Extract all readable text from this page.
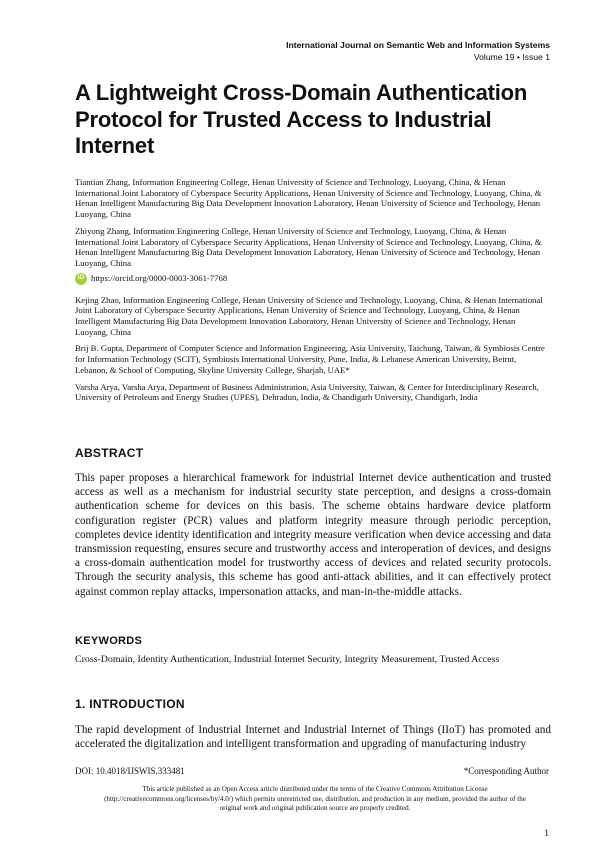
International Journal on Semantic Web and Information Systems
Volume 19 • Issue 1
A Lightweight Cross-Domain Authentication Protocol for Trusted Access to Industrial Internet

Tiantian Zhang, Information Engineering College, Henan University of Science and Technology, Luoyang, China, & Henan International Joint Laboratory of Cyberspace Security Applications, Henan University of Science and Technology, Luoyang, China, & Henan Intelligent Manufacturing Big Data Development Innovation Laboratory, Henan University of Science and Technology, Henan Luoyang, China

Zhiyong Zhang, Information Engineering College, Henan University of Science and Technology, Luoyang, China, & Henan International Joint Laboratory of Cyberspace Security Applications, Henan University of Science and Technology, Luoyang, China, & Henan Intelligent Manufacturing Big Data Development Innovation Laboratory, Henan University of Science and Technology, Henan Luoyang, China

iD https://orcid.org/0000-0003-3061-7768

Kejing Zhao, Information Engineering College, Henan University of Science and Technology, Luoyang, China, & Henan International Joint Laboratory of Cyberspace Security Applications, Henan University of Science and Technology, Luoyang, China, & Henan Intelligent Manufacturing Big Data Development Innovation Laboratory, Henan University of Science and Technology, Henan Luoyang, China

Brij B. Gupta, Department of Computer Science and Information Engineering, Asia University, Taichung, Taiwan, & Symbiosis Centre for Information Technology (SCIT), Symbiosis International University, Pune, India, & Lebanese American University, Beirut, Lebanon, & School of Computing, Skyline University College, Sharjah, UAE*

Varsha Arya, Varsha Arya, Department of Business Administration, Asia University, Taiwan, & Center for Interdisciplinary Research, University of Petroleum and Energy Studies (UPES), Dehradun, India, & Chandigarh University, Chandigarh, India

ABSTRACT
This paper proposes a hierarchical framework for industrial Internet device authentication and trusted access as well as a mechanism for industrial security state perception, and designs a cross-domain authentication scheme for devices on this basis. The scheme obtains hardware device platform configuration register (PCR) values and platform integrity measure through periodic perception, completes device identity identification and integrity measure verification when device accessing and data transmission requesting, ensures secure and trustworthy access and interoperation of devices, and designs a cross-domain authentication model for trustworthy access of devices and related security protocols. Through the security analysis, this scheme has good anti-attack abilities, and it can effectively protect against common replay attacks, impersonation attacks, and man-in-the-middle attacks.
KEYWORDS
Cross-Domain, Identity Authentication, Industrial Internet Security, Integrity Measurement, Trusted Access
1. INTRODUCTION
The rapid development of Industrial Internet and Industrial Internet of Things (IIoT) has promoted and accelerated the digitalization and intelligent transformation and upgrading of manufacturing industry
DOI: 10.4018/IJSWIS.333481	*Corresponding Author
This article published as an Open Access article distributed under the terms of the Creative Commons Attribution License (http://creativecommons.org/licenses/by/4.0/) which permits unrestricted use, distribution, and production in any medium, provided the author of the original work and original publication source are properly credited.
1
